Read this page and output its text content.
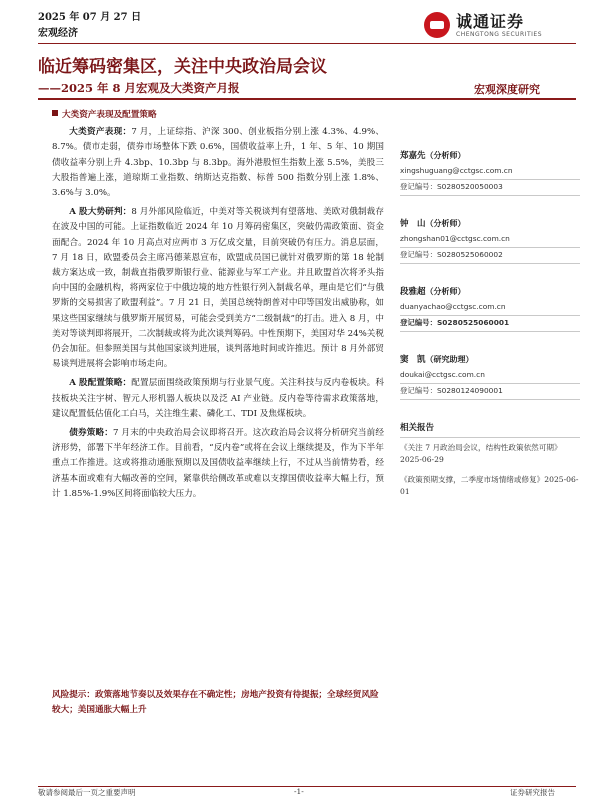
2025 年 07 月 27 日
宏观经济
诚通证券
CHENGTONG SECURITIES
临近筹码密集区，关注中央政治局会议
——2025 年 8 月宏观及大类资产月报	宏观深度研究
大类资产表现及配置策略

大类资产表现：7 月，上证综指、沪深 300、创业板指分别上涨 4.3%、4.9%、8.7%。债市走弱，债券市场整体下跌 0.6%，国债收益率上升，1 年、5 年、10 期国债收益率分别上升 4.3bp、10.3bp 与 8.3bp。海外港股恒生指数上涨 5.5%，美股三大股指普遍上涨，道琼斯工业指数、纳斯达克指数、标普 500 指数分别上涨 1.8%、3.6%与 3.0%。

A 股大势研判：8 月外部风险临近，中美对等关税谈判有望落地、美欧对俄制裁存在波及中国的可能。上证指数临近 2024 年 10 月筹码密集区，突破仍需政策面、资金面配合。2024 年 10 月高点对应两市 3 万亿成交量，目前突破仍有压力。消息层面，7 月 18 日，欧盟委员会主席冯德莱恩宣布，欧盟成员国已就针对俄罗斯的第 18 轮制裁方案达成一致，制裁直指俄罗斯银行业、能源业与军工产业。并且欧盟首次将矛头指向中国的金融机构，将两家位于中俄边境的地方性银行列入制裁名单，理由是它们“与俄罗斯的交易损害了欧盟利益”。7 月 21 日，美国总统特朗普对中印等国发出威胁称，如果这些国家继续与俄罗斯开展贸易，可能会受到美方“二级制裁”的打击。进入 8 月，中美对等谈判即将展开，二次制裁或将为此次谈判筹码。中性预期下，美国对华 24%关税仍会加征。但参照美国与其他国家谈判进展，谈判落地时间或许推迟。预计 8 月外部贸易谈判进展将会影响市场走向。

A 股配置策略：配置层面围绕政策预期与行业景气度。关注科技与反内卷板块。科技板块关注宇树、智元人形机器人板块以及泛 AI 产业链。反内卷等待需求政策落地，建议配置低估值化工白马，关注维生素、磷化工、TDI 及焦煤板块。

债券策略：7 月末的中央政治局会议即将召开。这次政治局会议将分析研究当前经济形势，部署下半年经济工作。目前看，“反内卷”或将在会议上继续提及，作为下半年重点工作推进。这或将推动通胀预期以及国债收益率继续上行，不过从当前情势看，经济基本面或难有大幅改善的空间，紧靠供给侧改革或难以支撑国债收益率大幅上行，预计 1.85%-1.9%区间将面临较大压力。

风险提示：政策落地节奏以及效果存在不确定性；房地产投资有待提振；全球经贸风险较大；美国通胀大幅上升
郑嘉先（分析师）
xingshuguang@cctgsc.com.cn
登记编号：S0280520050003
钟　山（分析师）
zhongshan01@cctgsc.com.cn
登记编号：S0280525060002
段雅超（分析师）
duanyachao@cctgsc.com.cn
登记编号：S0280525060001
窦　凯（研究助理）
doukai@cctgsc.com.cn
登记编号：S0280124090001
相关报告
《关注 7 月政治局会议，结构性政策依然可期》2025-06-29
《政策预期支撑，二季度市场情绪或修复》2025-06-01
敬请参阅最后一页之重要声明	-1-	证券研究报告
